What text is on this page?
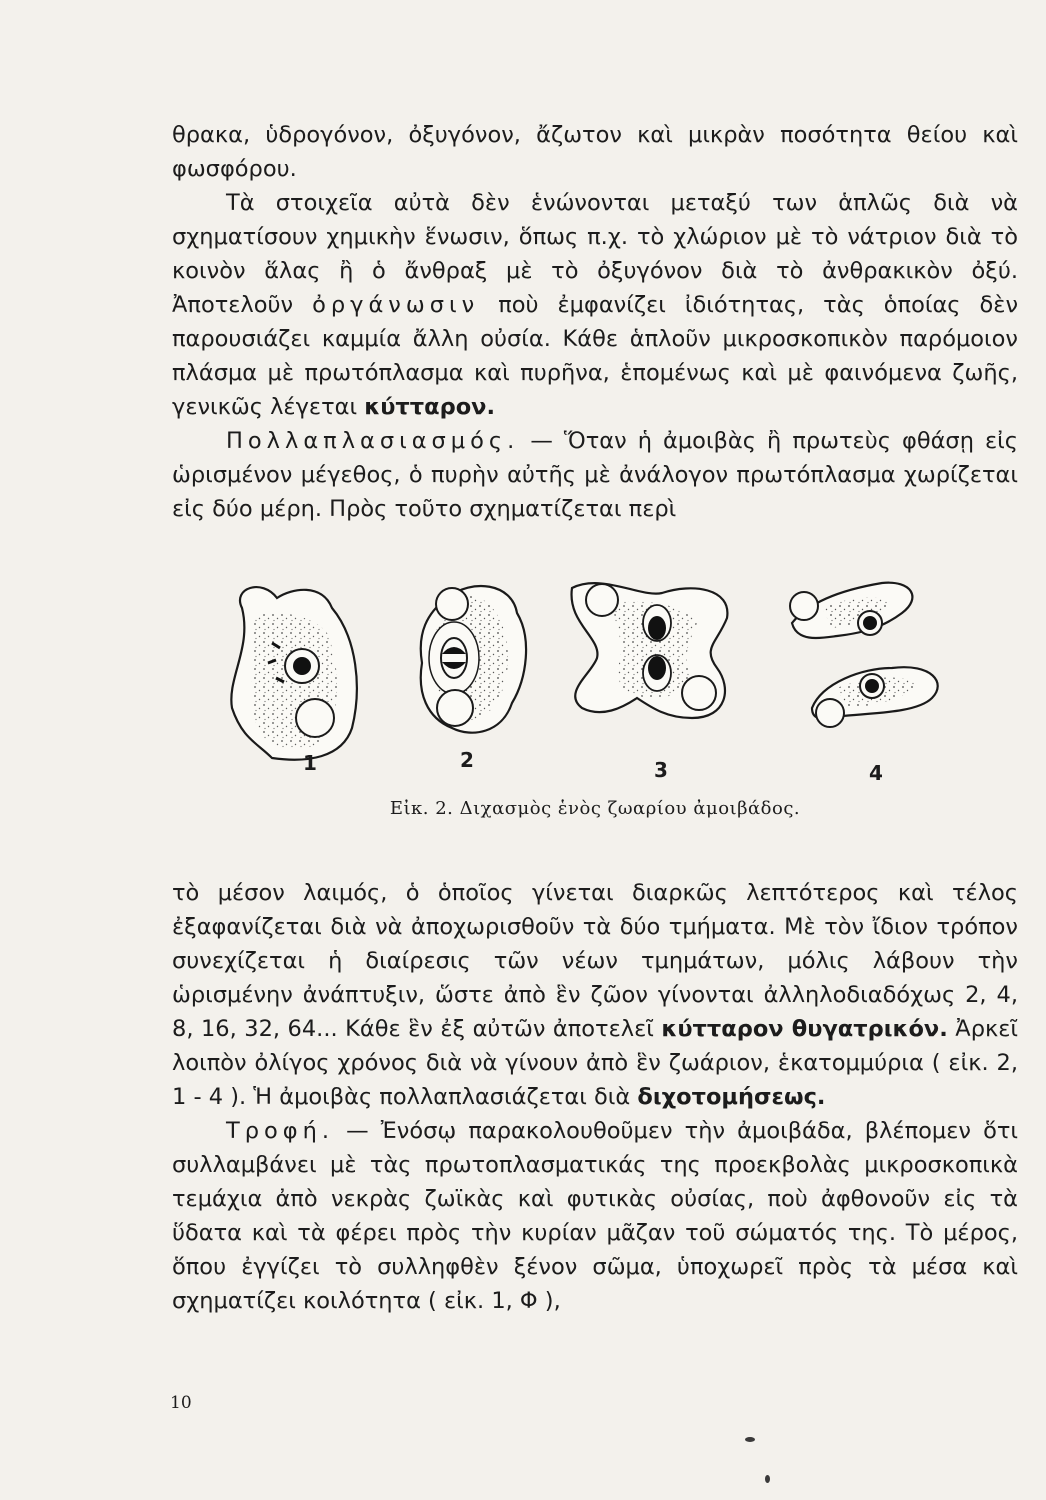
θρακα, ὑδρογόνον, ὀξυγόνον, ἄζωτον καὶ μικρὰν ποσότητα θείου καὶ φωσφόρου.

Τὰ στοιχεῖα αὐτὰ δὲν ἑνώνονται μεταξύ των ἁπλῶς διὰ νὰ σχηματίσουν χημικὴν ἕνωσιν, ὅπως π.χ. τὸ χλώριον μὲ τὸ νάτριον διὰ τὸ κοινὸν ἅλας ἢ ὁ ἄνθραξ μὲ τὸ ὀξυγόνον διὰ τὸ ἀνθρακικὸν ὀξύ. Ἀποτελοῦν ὀργάνωσιν ποὺ ἐμφανίζει ἰδιότητας, τὰς ὁποίας δὲν παρουσιάζει καμμία ἄλλη οὐσία. Κάθε ἁπλοῦν μικροσκοπικὸν παρόμοιον πλάσμα μὲ πρωτόπλασμα καὶ πυρῆνα, ἑπομένως καὶ μὲ φαινόμενα ζωῆς, γενικῶς λέγεται κύτταρον.

Πολλαπλασιασμός. — Ὅταν ἡ ἀμοιβὰς ἢ πρωτεὺς φθάσῃ εἰς ὡρισμένον μέγεθος, ὁ πυρὴν αὐτῆς μὲ ἀνάλογον πρωτόπλασμα χωρίζεται εἰς δύο μέρη. Πρὸς τοῦτο σχηματίζεται περὶ

1	2	3	4
Εἰκ. 2. Διχασμὸς ἑνὸς ζωαρίου ἀμοιβάδος.

τὸ μέσον λαιμός, ὁ ὁποῖος γίνεται διαρκῶς λεπτότερος καὶ τέλος ἐξαφανίζεται διὰ νὰ ἀποχωρισθοῦν τὰ δύο τμήματα. Μὲ τὸν ἴδιον τρόπον συνεχίζεται ἡ διαίρεσις τῶν νέων τμημάτων, μόλις λάβουν τὴν ὡρισμένην ἀνάπτυξιν, ὥστε ἀπὸ ἓν ζῶον γίνονται ἀλληλοδιαδόχως 2, 4, 8, 16, 32, 64... Κάθε ἓν ἐξ αὐτῶν ἀποτελεῖ κύτταρον θυγατρικόν. Ἀρκεῖ λοιπὸν ὀλίγος χρόνος διὰ νὰ γίνουν ἀπὸ ἓν ζωάριον, ἑκατομμύρια ( εἰκ. 2, 1 - 4 ). Ἡ ἀμοιβὰς πολλαπλασιάζεται διὰ διχοτομήσεως.

Τροφή. — Ἐνόσῳ παρακολουθοῦμεν τὴν ἀμοιβάδα, βλέπομεν ὅτι συλλαμβάνει μὲ τὰς πρωτοπλασματικάς της προεκβολὰς μικροσκοπικὰ τεμάχια ἀπὸ νεκρὰς ζωϊκὰς καὶ φυτικὰς οὐσίας, ποὺ ἀφθονοῦν εἰς τὰ ὕδατα καὶ τὰ φέρει πρὸς τὴν κυρίαν μᾶζαν τοῦ σώματός της. Τὸ μέρος, ὅπου ἐγγίζει τὸ συλληφθὲν ξένον σῶμα, ὑποχωρεῖ πρὸς τὰ μέσα καὶ σχηματίζει κοιλότητα ( εἰκ. 1, Φ ),

10
